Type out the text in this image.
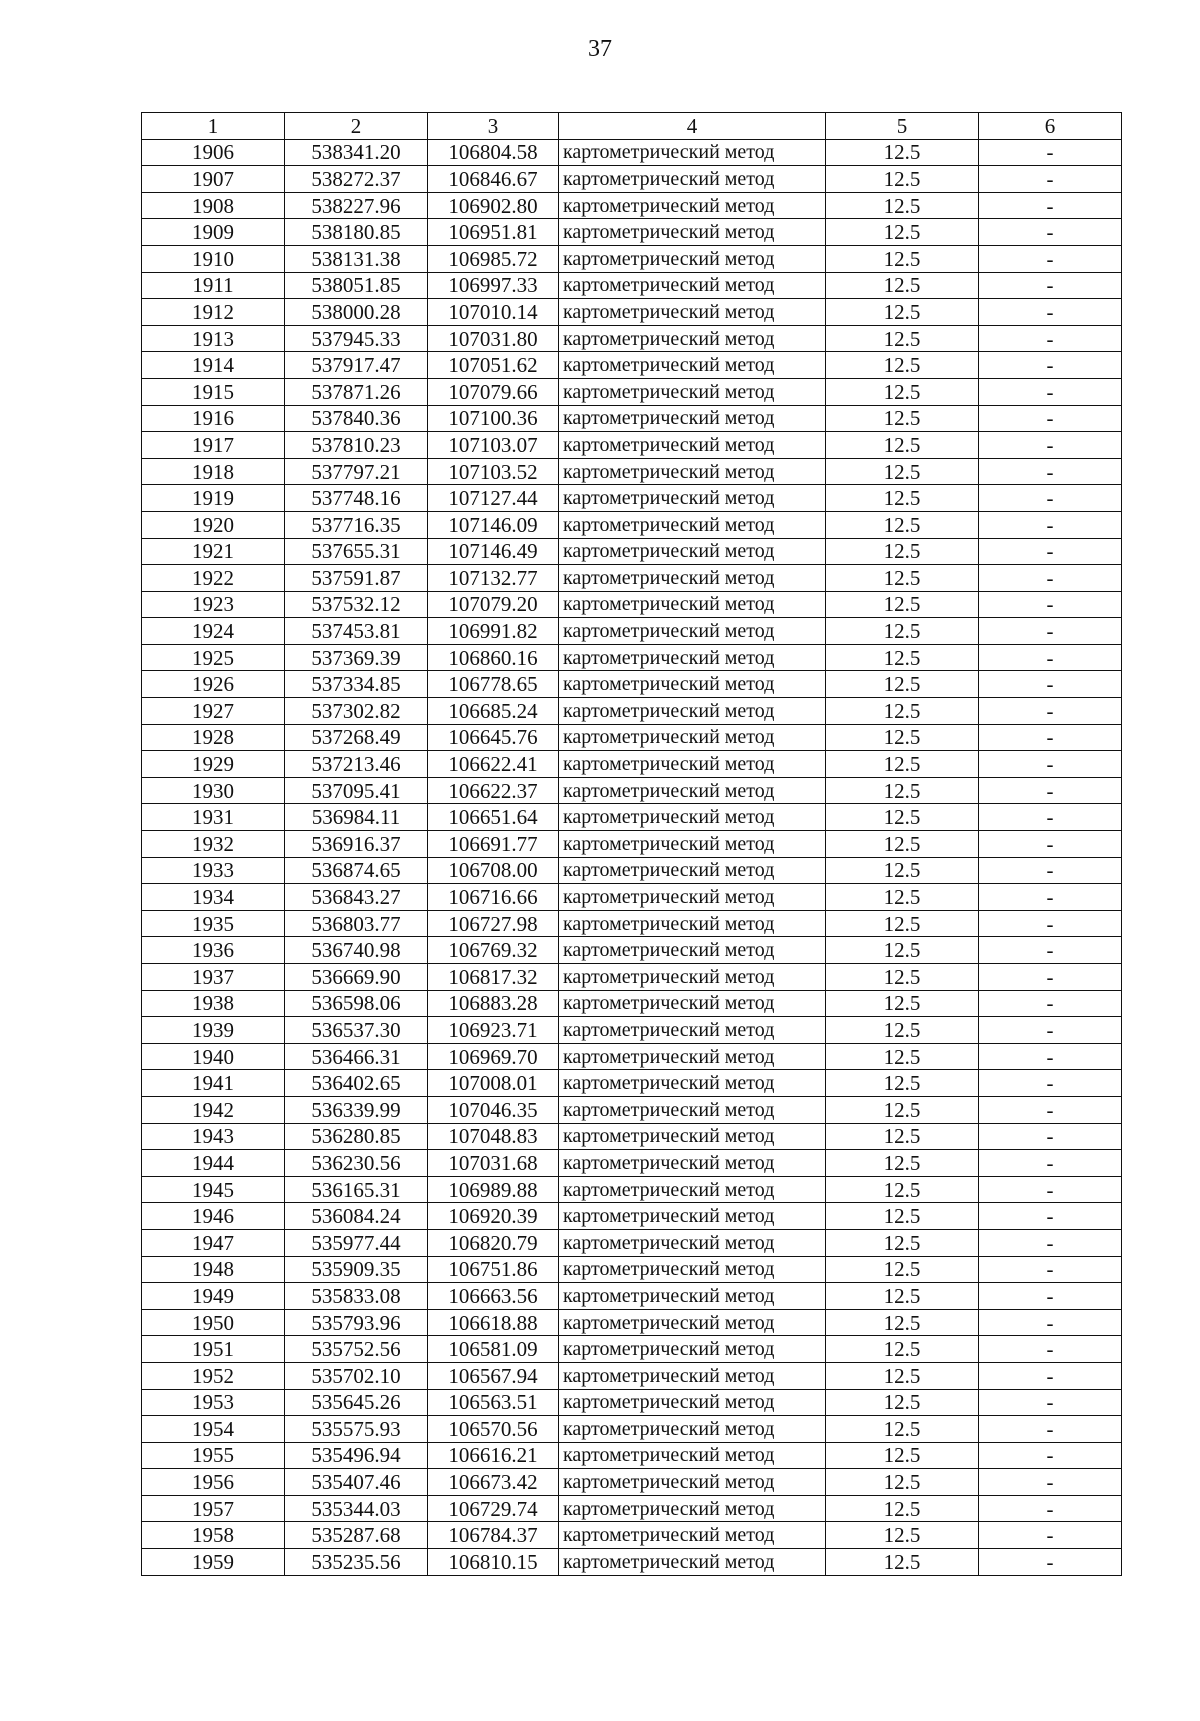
37
1	2	3	4	5	6
1906	538341.20	106804.58	картометрический метод	12.5	-
1907	538272.37	106846.67	картометрический метод	12.5	-
1908	538227.96	106902.80	картометрический метод	12.5	-
1909	538180.85	106951.81	картометрический метод	12.5	-
1910	538131.38	106985.72	картометрический метод	12.5	-
1911	538051.85	106997.33	картометрический метод	12.5	-
1912	538000.28	107010.14	картометрический метод	12.5	-
1913	537945.33	107031.80	картометрический метод	12.5	-
1914	537917.47	107051.62	картометрический метод	12.5	-
1915	537871.26	107079.66	картометрический метод	12.5	-
1916	537840.36	107100.36	картометрический метод	12.5	-
1917	537810.23	107103.07	картометрический метод	12.5	-
1918	537797.21	107103.52	картометрический метод	12.5	-
1919	537748.16	107127.44	картометрический метод	12.5	-
1920	537716.35	107146.09	картометрический метод	12.5	-
1921	537655.31	107146.49	картометрический метод	12.5	-
1922	537591.87	107132.77	картометрический метод	12.5	-
1923	537532.12	107079.20	картометрический метод	12.5	-
1924	537453.81	106991.82	картометрический метод	12.5	-
1925	537369.39	106860.16	картометрический метод	12.5	-
1926	537334.85	106778.65	картометрический метод	12.5	-
1927	537302.82	106685.24	картометрический метод	12.5	-
1928	537268.49	106645.76	картометрический метод	12.5	-
1929	537213.46	106622.41	картометрический метод	12.5	-
1930	537095.41	106622.37	картометрический метод	12.5	-
1931	536984.11	106651.64	картометрический метод	12.5	-
1932	536916.37	106691.77	картометрический метод	12.5	-
1933	536874.65	106708.00	картометрический метод	12.5	-
1934	536843.27	106716.66	картометрический метод	12.5	-
1935	536803.77	106727.98	картометрический метод	12.5	-
1936	536740.98	106769.32	картометрический метод	12.5	-
1937	536669.90	106817.32	картометрический метод	12.5	-
1938	536598.06	106883.28	картометрический метод	12.5	-
1939	536537.30	106923.71	картометрический метод	12.5	-
1940	536466.31	106969.70	картометрический метод	12.5	-
1941	536402.65	107008.01	картометрический метод	12.5	-
1942	536339.99	107046.35	картометрический метод	12.5	-
1943	536280.85	107048.83	картометрический метод	12.5	-
1944	536230.56	107031.68	картометрический метод	12.5	-
1945	536165.31	106989.88	картометрический метод	12.5	-
1946	536084.24	106920.39	картометрический метод	12.5	-
1947	535977.44	106820.79	картометрический метод	12.5	-
1948	535909.35	106751.86	картометрический метод	12.5	-
1949	535833.08	106663.56	картометрический метод	12.5	-
1950	535793.96	106618.88	картометрический метод	12.5	-
1951	535752.56	106581.09	картометрический метод	12.5	-
1952	535702.10	106567.94	картометрический метод	12.5	-
1953	535645.26	106563.51	картометрический метод	12.5	-
1954	535575.93	106570.56	картометрический метод	12.5	-
1955	535496.94	106616.21	картометрический метод	12.5	-
1956	535407.46	106673.42	картометрический метод	12.5	-
1957	535344.03	106729.74	картометрический метод	12.5	-
1958	535287.68	106784.37	картометрический метод	12.5	-
1959	535235.56	106810.15	картометрический метод	12.5	-
